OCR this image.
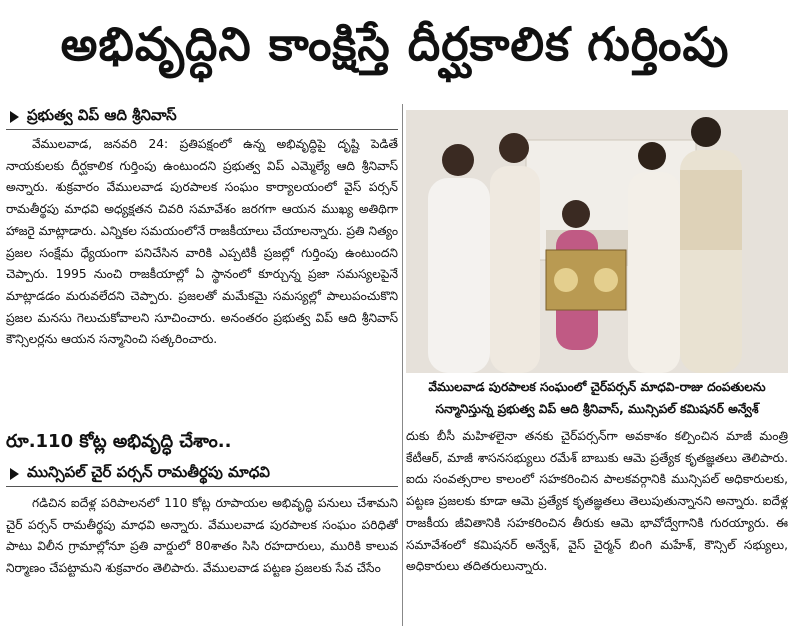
అభివృద్ధిని కాంక్షిస్తే దీర్ఘకాలిక గుర్తింపు
ప్రభుత్వ విప్ ఆది శ్రీనివాస్
వేములవాడ, జనవరి 24: ప్రతిపక్షంలో ఉన్న అభివృద్ధిపై దృష్టి పెడితే నాయకులకు దీర్ఘకాలిక గుర్తింపు ఉంటుందని ప్రభుత్వ విప్ ఎమ్మెల్యే ఆది శ్రీనివాస్ అన్నారు. శుక్రవారం వేములవాడ పురపాలక సంఘం కార్యాలయంలో వైస్ పర్సన్ రామతీర్థపు మాధవి అధ్యక్షతన చివరి సమావేశం జరగగా ఆయన ముఖ్య అతిథిగా హాజరై మాట్లాడారు. ఎన్నికల సమయంలోనే రాజకీయాలు చేయాలన్నారు. ప్రతి నిత్యం ప్రజల సంక్షేమ ధ్యేయంగా పనిచేసిన వారికి ఎప్పటికీ ప్రజల్లో గుర్తింపు ఉంటుందని చెప్పారు. 1995 నుంచి రాజకీయాల్లో ఏ స్థానంలో కూర్చున్న ప్రజా సమస్యలపైనే మాట్లాడడం మరువలేదని చెప్పారు. ప్రజలతో మమేకమై సమస్యల్లో పాలుపంచుకొని ప్రజల మనసు గెలుచుకోవాలని సూచించారు. అనంతరం ప్రభుత్వ విప్ ఆది శ్రీనివాస్ కౌన్సిలర్లను ఆయన సన్మానించి సత్కరించారు.
రూ.110 కోట్ల అభివృద్ధి చేశాం..
మున్సిపల్ చైర్ పర్సన్ రామతీర్థపు మాధవి
గడిచిన ఐదేళ్ల పరిపాలనలో 110 కోట్ల రూపాయల అభివృద్ధి పనులు చేశామని చైర్ పర్సన్ రామతీర్థపు మాధవి అన్నారు. వేములవాడ పురపాలక సంఘం పరిధితో పాటు విలీన గ్రామాల్లోనూ ప్రతి వార్డులో 80శాతం సిసి రహదారులు, మురికి కాలువ నిర్మాణం చేపట్టామని శుక్రవారం తెలిపారు. వేములవాడ పట్టణ ప్రజలకు సేవ చేసేం
వేములవాడ పురపాలక సంఘంలో చైర్‌పర్సన్ మాధవి-రాజు దంపతులను
సన్మానిస్తున్న ప్రభుత్వ విప్ ఆది శ్రీనివాస్, మున్సిపల్ కమిషనర్ అన్వేశ్
దుకు బీసీ మహిళలైనా తనకు చైర్‌పర్సన్‌గా అవకాశం కల్పించిన మాజీ మంత్రి కేటీఆర్, మాజీ శాసనసభ్యులు రమేశ్ బాబుకు ఆమె ప్రత్యేక కృతజ్ఞతలు తెలిపారు. ఐదు సంవత్సరాల కాలంలో సహకరించిన పాలకవర్గానికి మున్సిపల్ అధికారులకు, పట్టణ ప్రజలకు కూడా ఆమె ప్రత్యేక కృతజ్ఞతలు తెలుపుతున్నానని అన్నారు. ఐదేళ్ల రాజకీయ జీవితానికి సహకరించిన తీరుకు ఆమె భావోద్వేగానికి గురయ్యారు. ఈ సమావేశంలో కమిషనర్ అన్వేశ్, వైస్ చైర్మన్ బింగి మహేశ్, కౌన్సిల్ సభ్యులు, అధికారులు తదితరులున్నారు.
